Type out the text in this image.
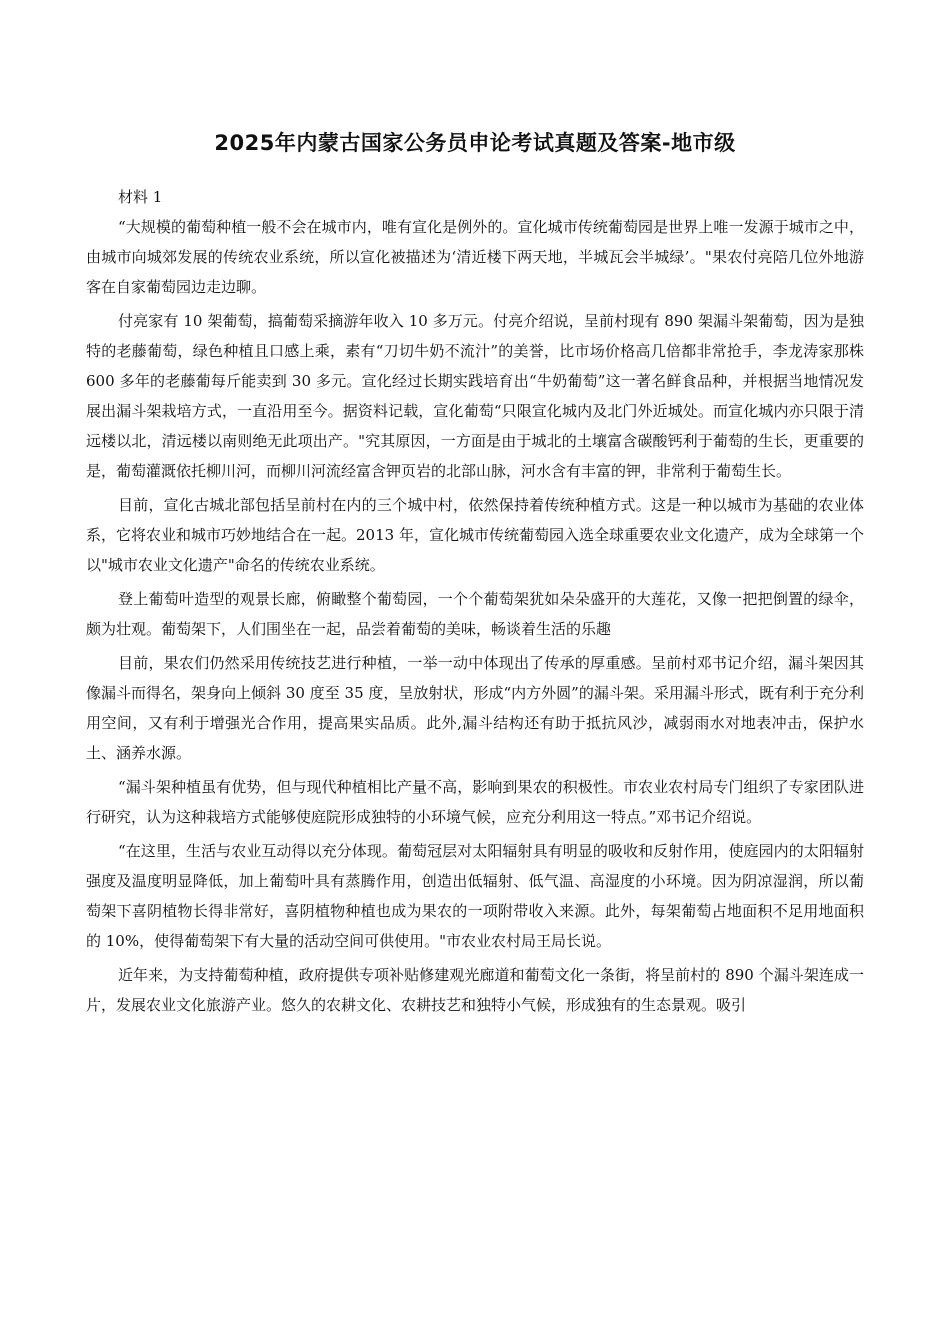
2025年内蒙古国家公务员申论考试真题及答案-地市级

材料 1

“大规模的葡萄种植一般不会在城市内，唯有宣化是例外的。宣化城市传统葡萄园是世界上唯一发源于城市之中，由城市向城郊发展的传统农业系统，所以宣化被描述为‘清近楼下两天地，半城瓦会半城绿’。"果农付亮陪几位外地游客在自家葡萄园边走边聊。

付亮家有 10 架葡萄，搞葡萄采摘游年收入 10 多万元。付亮介绍说，呈前村现有 890 架漏斗架葡萄，因为是独特的老藤葡萄，绿色种植且口感上乘，素有“刀切牛奶不流汁”的美誉，比市场价格高几倍都非常抢手，李龙涛家那株 600 多年的老藤葡每斤能卖到 30 多元。宣化经过长期实践培育出“牛奶葡萄”这一著名鲜食品种，并根据当地情况发展出漏斗架栽培方式，一直沿用至今。据资料记载，宣化葡萄“只限宣化城内及北门外近城处。而宣化城内亦只限于清远楼以北，清远楼以南则绝无此项出产。"究其原因，一方面是由于城北的土壤富含碳酸钙利于葡萄的生长，更重要的是，葡萄灌溉依托柳川河，而柳川河流经富含钾页岩的北部山脉，河水含有丰富的钾，非常利于葡萄生长。

目前，宣化古城北部包括呈前村在内的三个城中村，依然保持着传统种植方式。这是一种以城市为基础的农业体系，它将农业和城市巧妙地结合在一起。2013 年，宣化城市传统葡萄园入选全球重要农业文化遗产，成为全球第一个以"城市农业文化遗产"命名的传统农业系统。

登上葡萄叶造型的观景长廊，俯瞰整个葡萄园，一个个葡萄架犹如朵朵盛开的大莲花，又像一把把倒置的绿伞，颇为壮观。葡萄架下，人们围坐在一起，品尝着葡萄的美味，畅谈着生活的乐趣

目前，果农们仍然采用传统技艺进行种植，一举一动中体现出了传承的厚重感。呈前村邓书记介绍，漏斗架因其像漏斗而得名，架身向上倾斜 30 度至 35 度，呈放射状，形成“内方外圆”的漏斗架。采用漏斗形式，既有利于充分利用空间，又有利于增强光合作用，提高果实品质。此外,漏斗结构还有助于抵抗风沙，减弱雨水对地表冲击，保护水土、涵养水源。

“漏斗架种植虽有优势，但与现代种植相比产量不高，影响到果农的积极性。市农业农村局专门组织了专家团队进行研究，认为这种栽培方式能够使庭院形成独特的小环境气候，应充分利用这一特点。”邓书记介绍说。

“在这里，生活与农业互动得以充分体现。葡萄冠层对太阳辐射具有明显的吸收和反射作用，使庭园内的太阳辐射强度及温度明显降低，加上葡萄叶具有蒸腾作用，创造出低辐射、低气温、高湿度的小环境。因为阴凉湿润，所以葡萄架下喜阴植物长得非常好，喜阴植物种植也成为果农的一项附带收入来源。此外，每架葡萄占地面积不足用地面积的 10%，使得葡萄架下有大量的活动空间可供使用。"市农业农村局王局长说。

近年来，为支持葡萄种植，政府提供专项补贴修建观光廊道和葡萄文化一条街，将呈前村的 890 个漏斗架连成一片，发展农业文化旅游产业。悠久的农耕文化、农耕技艺和独特小气候，形成独有的生态景观。吸引
